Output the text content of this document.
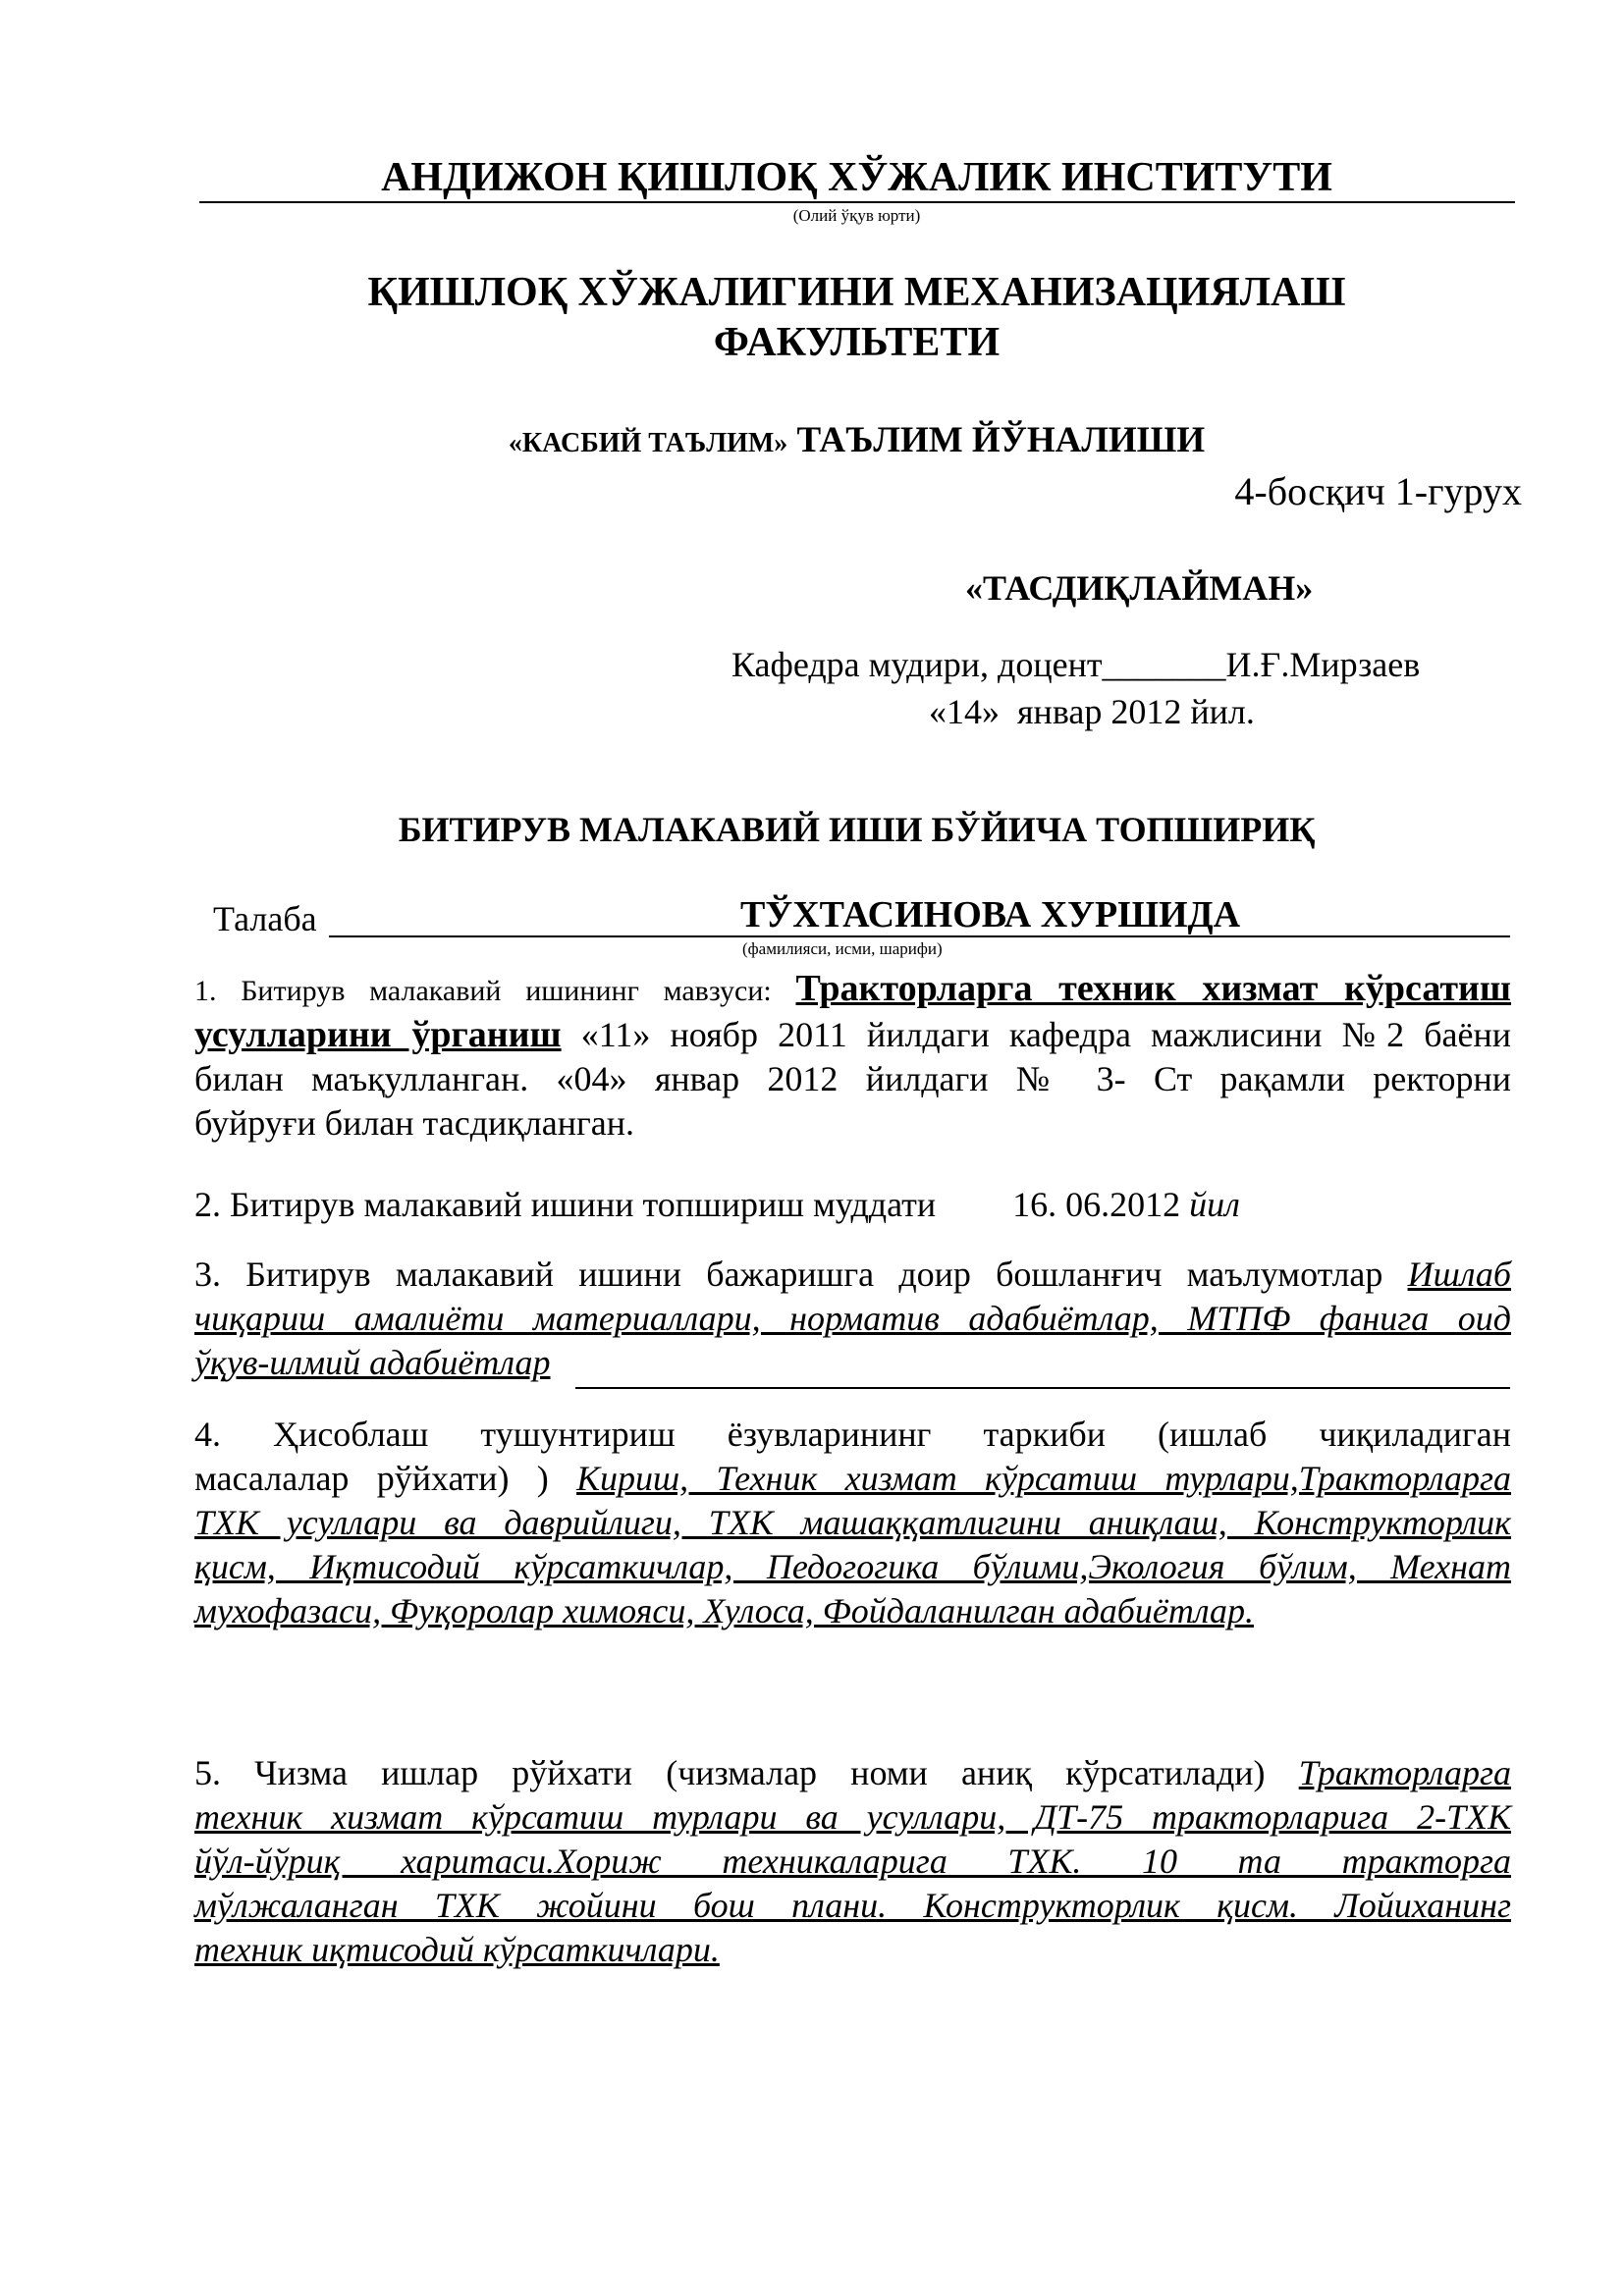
АНДИЖОН ҚИШЛОҚ ХЎЖАЛИК ИНСТИТУТИ

(Олий ўқув юрти)

ҚИШЛОҚ ХЎЖАЛИГИНИ МЕХАНИЗАЦИЯЛАШ

ФАКУЛЬТЕТИ

«КАСБИЙ ТАЪЛИМ» ТАЪЛИМ ЙЎНАЛИШИ

4-босқич 1-гурух

«ТАСДИҚЛАЙМАН»

Кафедра мудири, доцент_______И.Ғ.Мирзаев

«14»  январ 2012 йил.

БИТИРУВ МАЛАКАВИЙ ИШИ БЎЙИЧА ТОПШИРИҚ

Талаба	ТЎХТАСИНОВА ХУРШИДА

(фамилияси, исми, шарифи)

1. Битирув малакавий ишининг мавзуси: Тракторларга техник хизмат кўрсатиш

усулларини ўрганиш «11» ноябр 2011 йилдаги кафедра мажлисини №2 баёни

билан маъқулланган. «04» январ 2012 йилдаги № 3- Ст рақамли ректорни

буйруғи билан тасдиқланган.

2. Битирув малакавий ишини топшириш муддати 16. 06.2012 йил

3. Битирув малакавий ишини бажаришга доир бошланғич маълумотлар Ишлаб

чиқариш амалиёти материаллари, норматив адабиётлар, МТПФ фанига оид

ўқув-илмий адабиётлар

4. Ҳисоблаш тушунтириш ёзувларининг таркиби (ишлаб чиқиладиган

масалалар рўйхати) ) Кириш, Техник хизмат кўрсатиш турлари,Тракторларга

ТХК усуллари ва даврийлиги, ТХК машаққатлигини аниқлаш, Конструкторлик

қисм, Иқтисодий кўрсаткичлар, Педогогика бўлими,Экология бўлим, Мехнат

мухофазаси, Фуқоролар химояси, Хулоса, Фойдаланилган адабиётлар.

5. Чизма ишлар рўйхати (чизмалар номи аниқ кўрсатилади) Тракторларга

техник хизмат кўрсатиш турлари ва усуллари, ДТ-75 тракторларига 2-ТХК

йўл-йўриқ харитаси.Хориж техникаларига ТХК. 10 та тракторга

мўлжаланган ТХК жойини бош плани. Конструкторлик қисм. Лойиханинг

техник иқтисодий кўрсаткичлари.
